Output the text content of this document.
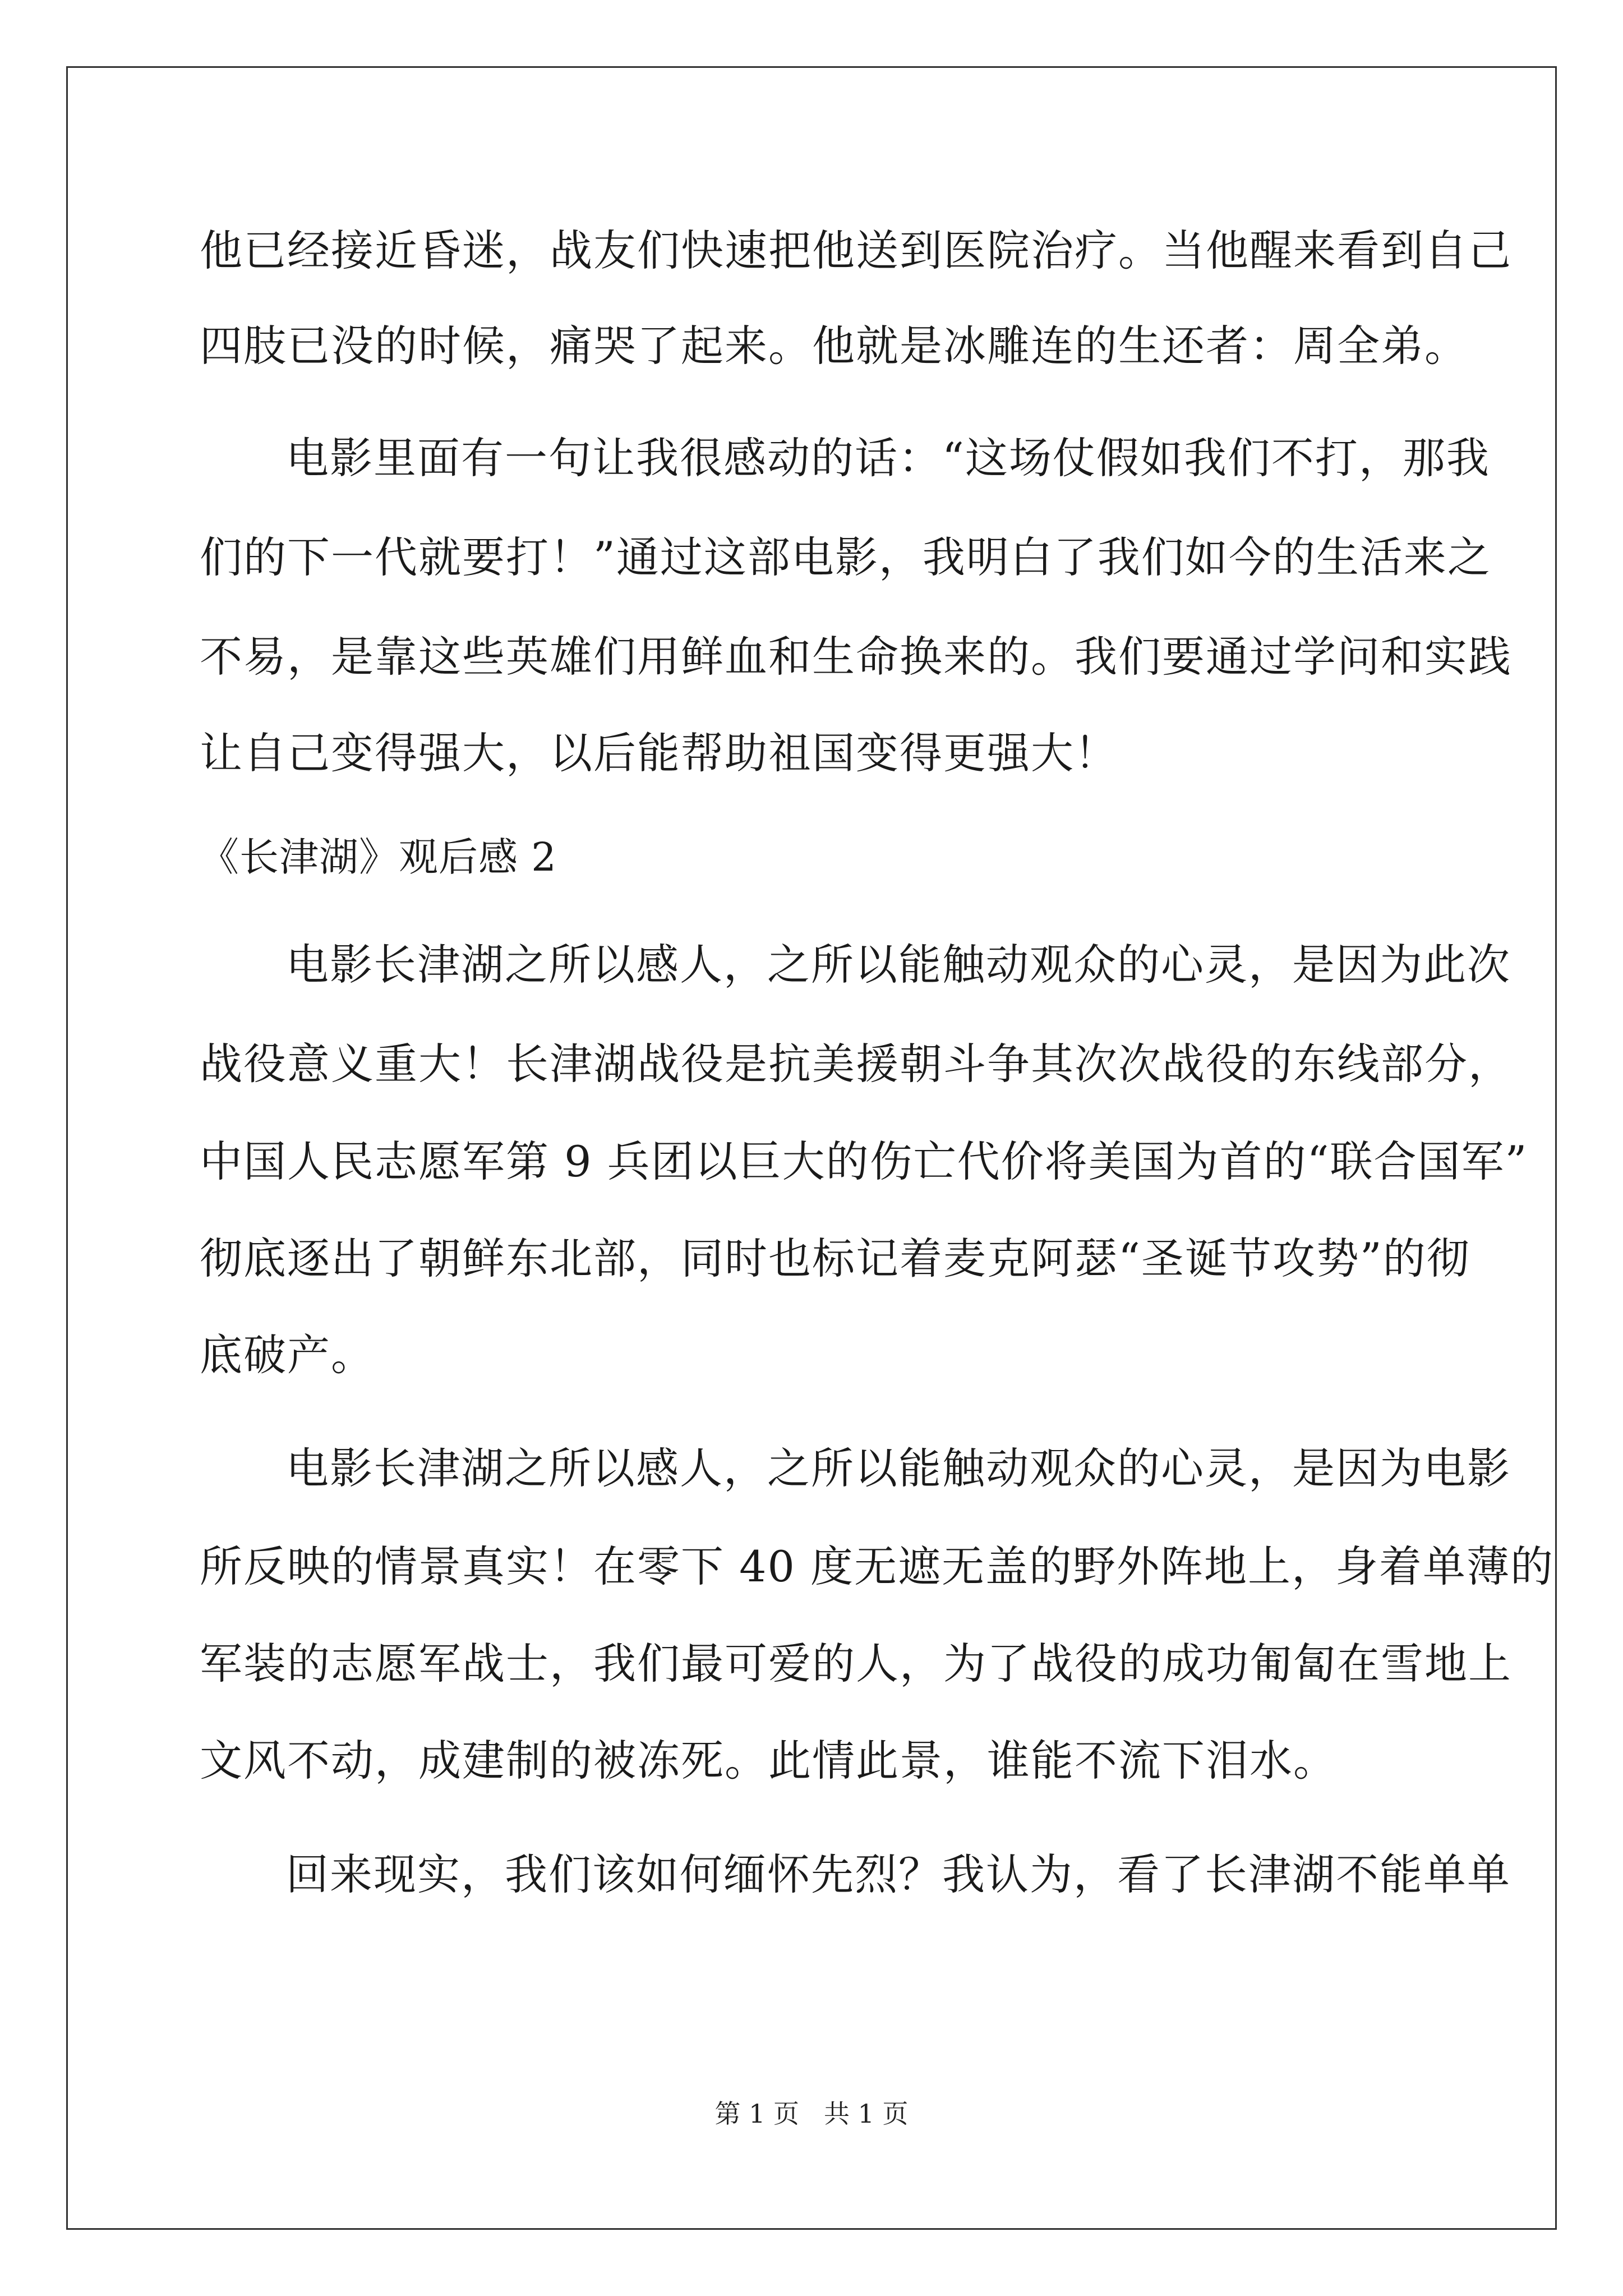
他已经接近昏迷，战友们快速把他送到医院治疗。当他醒来看到自己
四肢已没的时候，痛哭了起来。他就是冰雕连的生还者：周全弟。
电影里面有一句让我很感动的话：“这场仗假如我们不打，那我
们的下一代就要打！”通过这部电影，我明白了我们如今的生活来之
不易，是靠这些英雄们用鲜血和生命换来的。我们要通过学问和实践
让自己变得强大，以后能帮助祖国变得更强大！
《长津湖》观后感 2
电影长津湖之所以感人，之所以能触动观众的心灵，是因为此次
战役意义重大！长津湖战役是抗美援朝斗争其次次战役的东线部分，
中国人民志愿军第 9 兵团以巨大的伤亡代价将美国为首的“联合国军”
彻底逐出了朝鲜东北部，同时也标记着麦克阿瑟“圣诞节攻势”的彻
底破产。
电影长津湖之所以感人，之所以能触动观众的心灵，是因为电影
所反映的情景真实！在零下 40 度无遮无盖的野外阵地上，身着单薄的
军装的志愿军战士，我们最可爱的人，为了战役的成功匍匐在雪地上
文风不动，成建制的被冻死。此情此景，谁能不流下泪水。
回来现实，我们该如何缅怀先烈？我认为，看了长津湖不能单单
第 1 页 共 1 页
